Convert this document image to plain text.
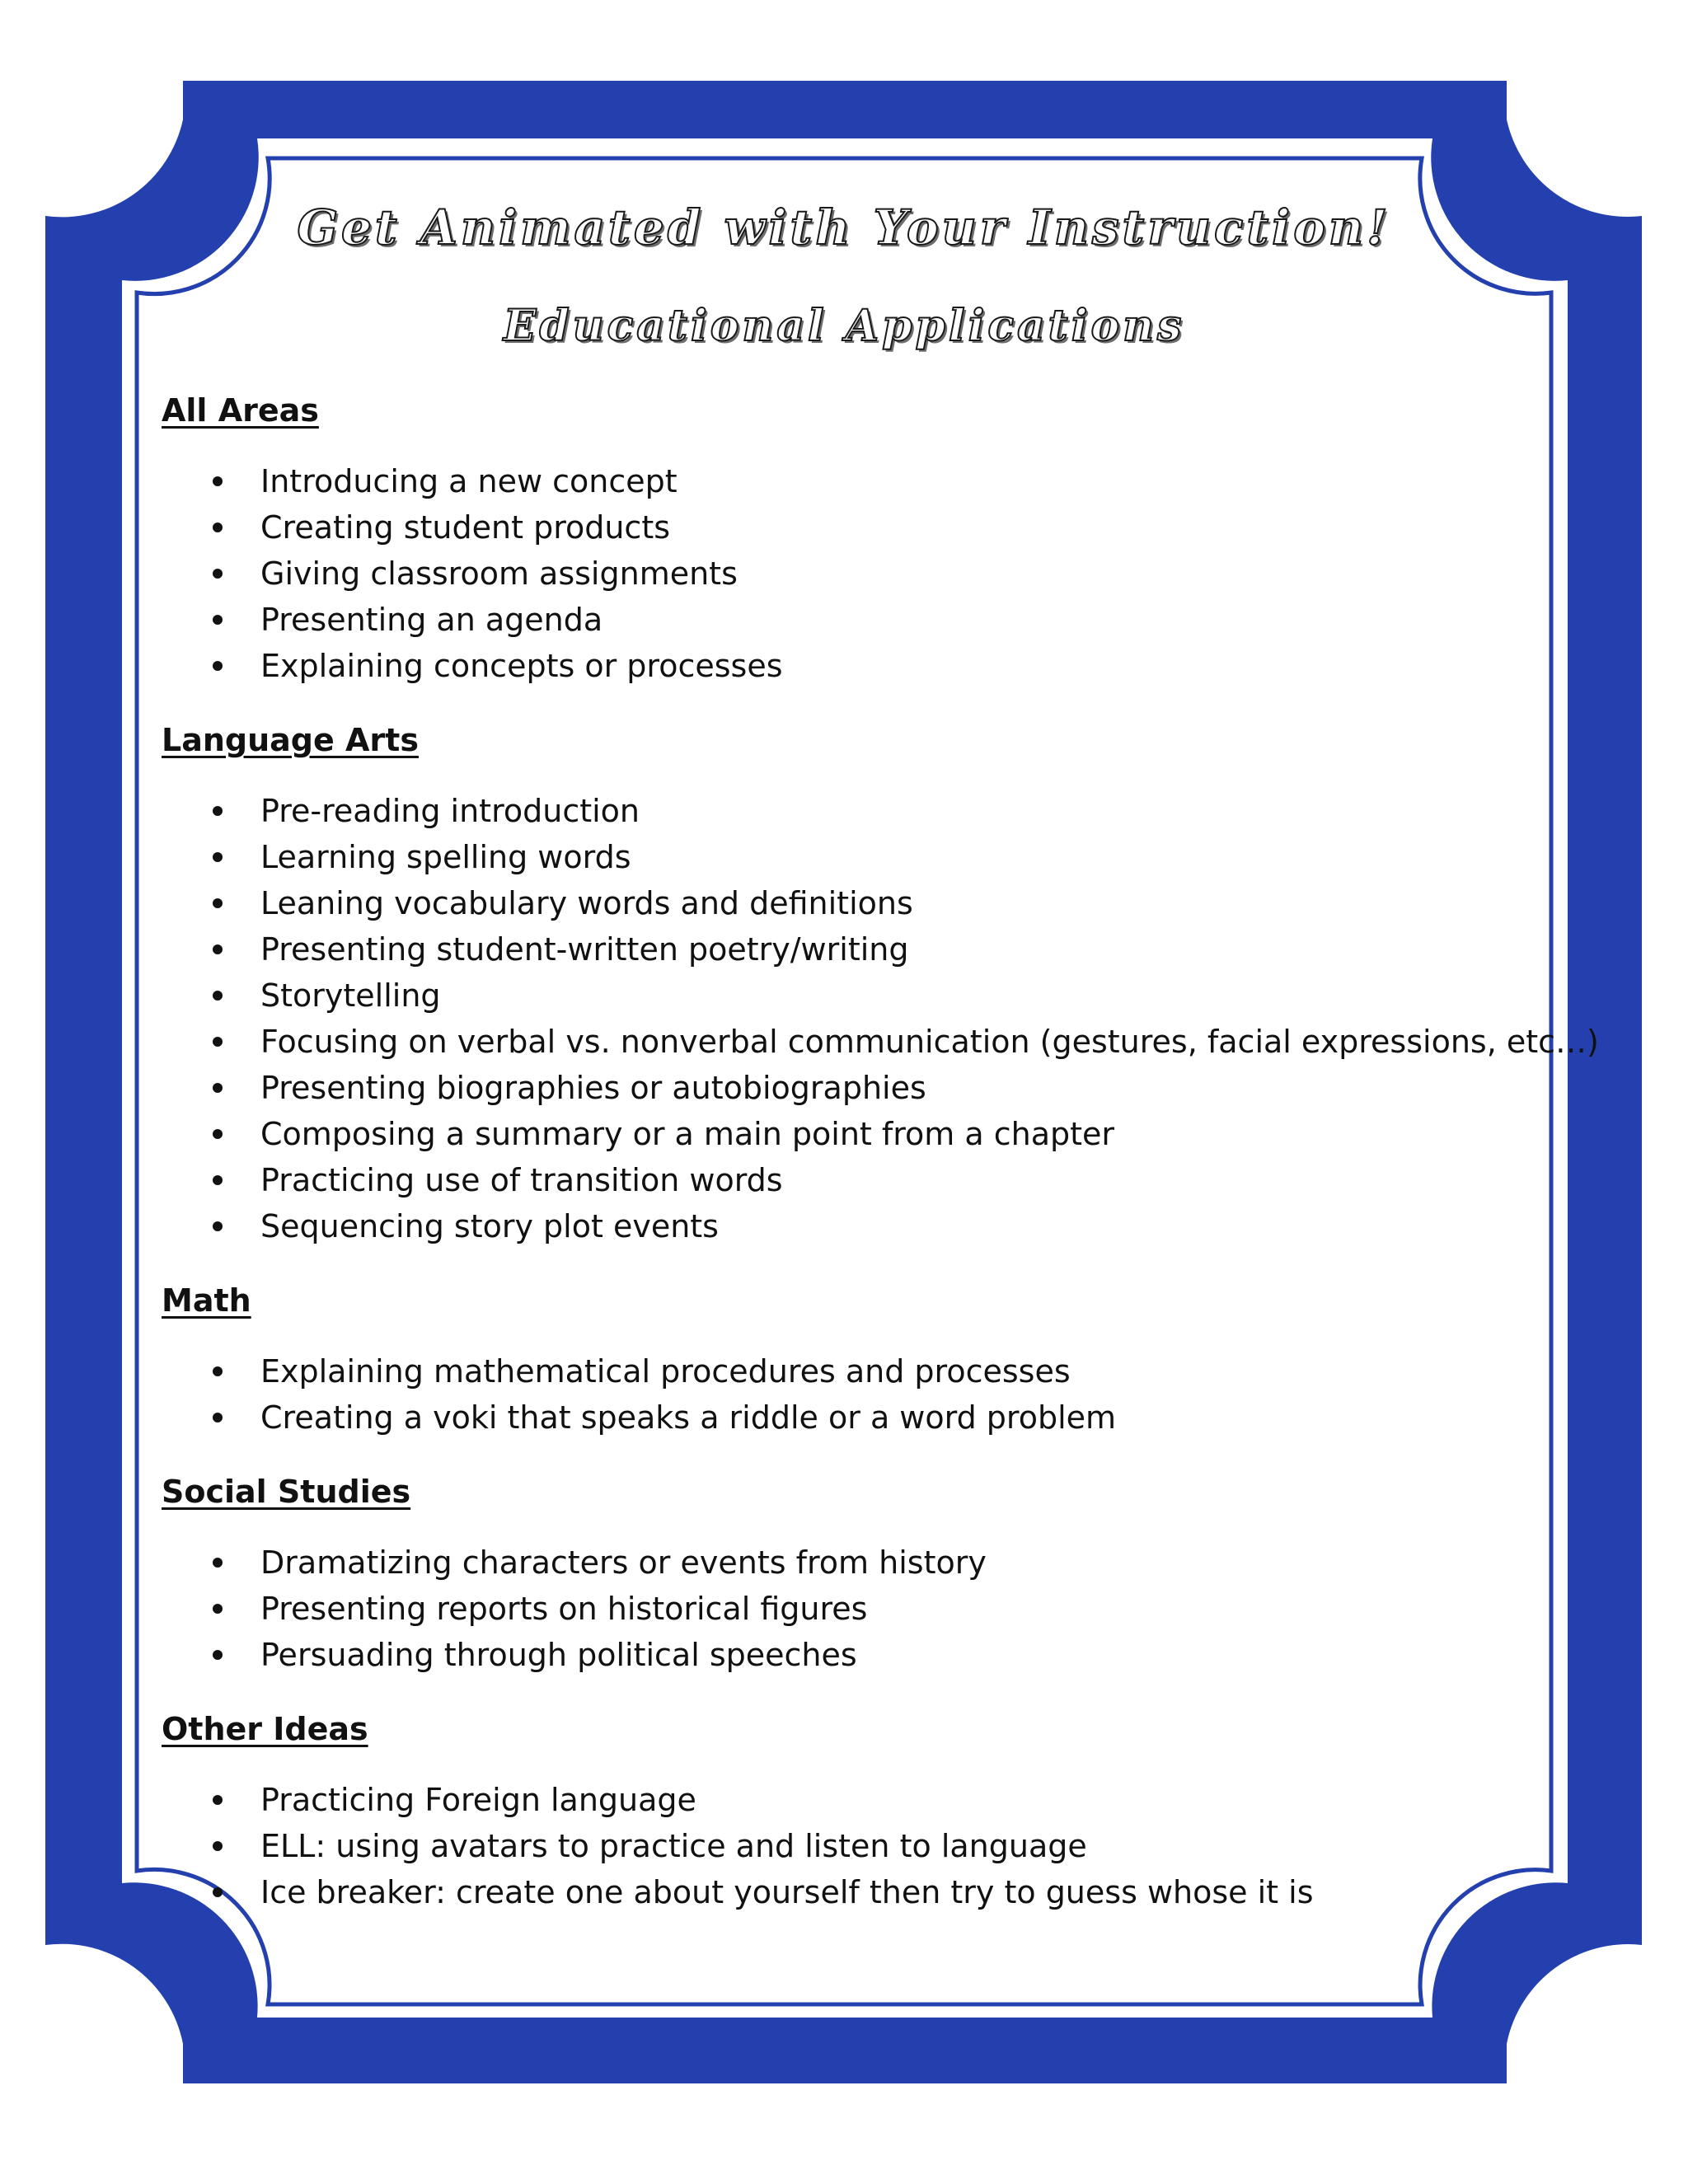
Get Animated with Your Instruction!
Educational Applications
All Areas
Introducing a new concept
Creating student products
Giving classroom assignments
Presenting an agenda
Explaining concepts or processes
Language Arts
Pre-reading introduction
Learning spelling words
Leaning vocabulary words and definitions
Presenting student-written poetry/writing
Storytelling
Focusing on verbal vs. nonverbal communication (gestures, facial expressions, etc…)
Presenting biographies or autobiographies
Composing a summary or a main point from a chapter
Practicing use of transition words
Sequencing story plot events
Math
Explaining mathematical procedures and processes
Creating a voki that speaks a riddle or a word problem
Social Studies
Dramatizing characters or events from history
Presenting reports on historical figures
Persuading through political speeches
Other Ideas
Practicing Foreign language
ELL: using avatars to practice and listen to language
Ice breaker: create one about yourself then try to guess whose it is
